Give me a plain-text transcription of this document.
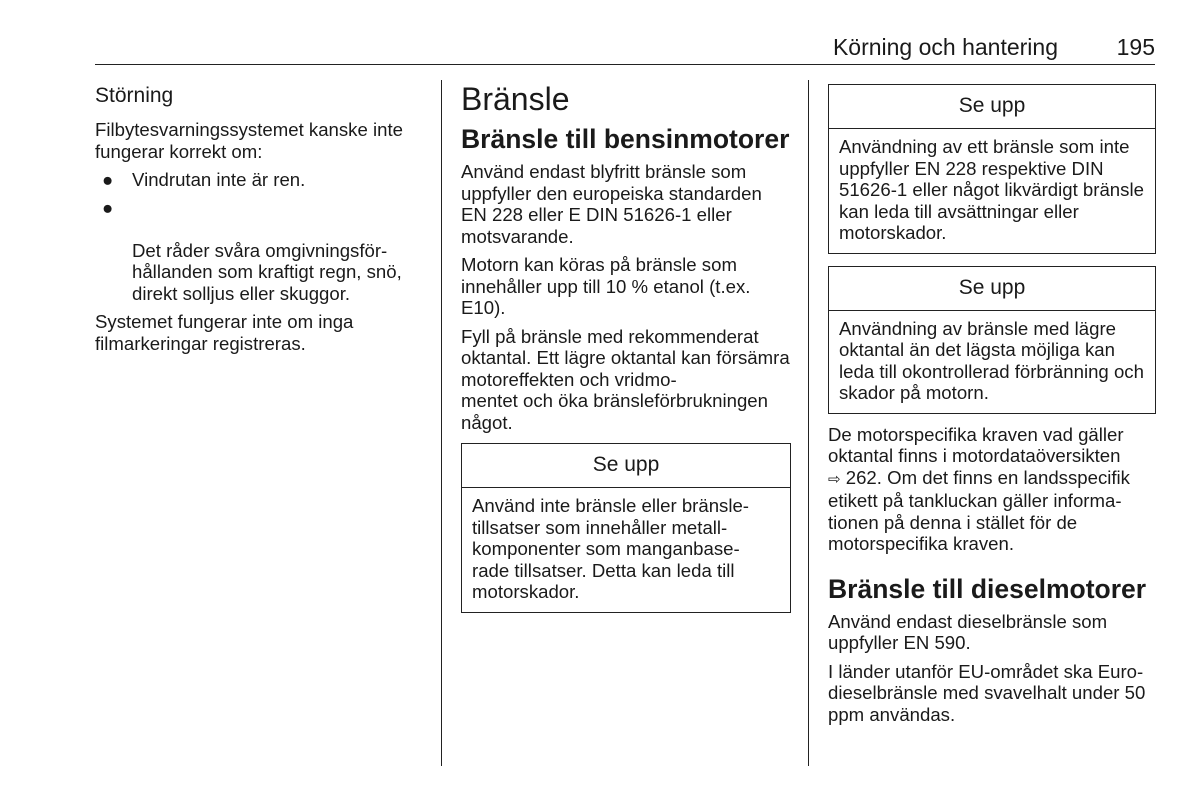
Körning och hantering	195
Störning

Filbytesvarningssystemet kanske inte fungerar korrekt om:

● Vindrutan inte är ren.

●

Det råder svåra omgivningsför-
hållanden som kraftigt regn, snö, direkt solljus eller skuggor.

Systemet fungerar inte om inga filmarkeringar registreras.

Bränsle
Bränsle till bensinmotorer

Använd endast blyfritt bränsle som uppfyller den europeiska standarden EN 228 eller E DIN 51626-1 eller motsvarande.

Motorn kan köras på bränsle som innehåller upp till 10 % etanol (t.ex. E10).

Fyll på bränsle med rekommenderat oktantal. Ett lägre oktantal kan försämra motoreffekten och vridmo-
mentet och öka bränsleförbrukningen något.

Se upp
Använd inte bränsle eller bränsle-
tillsatser som innehåller metall-
komponenter som manganbase-
rade tillsatser. Detta kan leda till motorskador.
Se upp
Användning av ett bränsle som inte uppfyller EN 228 respektive DIN 51626-1 eller något likvärdigt bränsle kan leda till avsättningar eller motorskador.
Se upp
Användning av bränsle med lägre oktantal än det lägsta möjliga kan leda till okontrollerad förbränning och skador på motorn.

De motorspecifika kraven vad gäller oktantal finns i motordataöversikten
⇨ 262. Om det finns en landsspecifik etikett på tankluckan gäller informa-
tionen på denna i stället för de motorspecifika kraven.

Bränsle till dieselmotorer

Använd endast dieselbränsle som uppfyller EN 590.

I länder utanför EU-området ska Euro-dieselbränsle med svavelhalt under 50 ppm användas.
